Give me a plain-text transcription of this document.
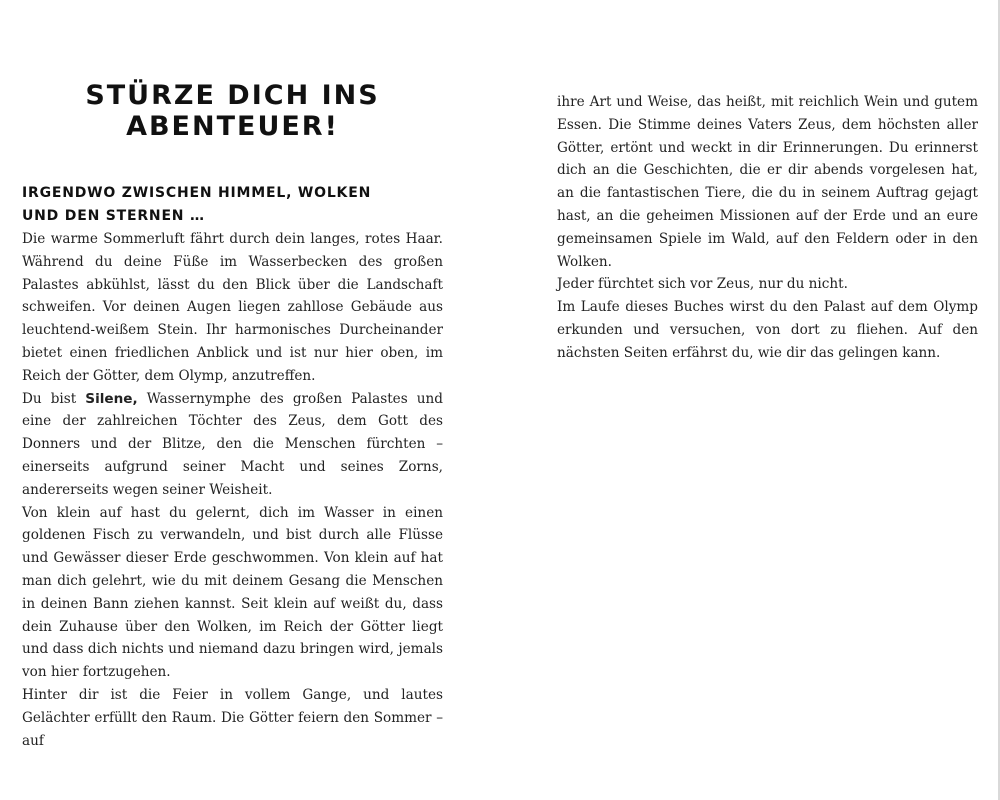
STÜRZE DICH INS
ABENTEUER!
IRGENDWO ZWISCHEN HIMMEL, WOLKEN
UND DEN STERNEN …

Die warme Sommerluft fährt durch dein langes, rotes Haar. Während du deine Füße im Wasserbecken des großen Palastes abkühlst, lässt du den Blick über die Landschaft schweifen. Vor deinen Augen liegen zahllose Gebäude aus leuchtend-weißem Stein. Ihr harmonisches Durcheinander bietet einen friedlichen Anblick und ist nur hier oben, im Reich der Götter, dem Olymp, anzutreffen.

Du bist Silene, Wassernymphe des großen Palastes und eine der zahlreichen Töchter des Zeus, dem Gott des Donners und der Blitze, den die Menschen fürchten – einerseits aufgrund seiner Macht und seines Zorns, andererseits wegen seiner Weisheit.

Von klein auf hast du gelernt, dich im Wasser in einen goldenen Fisch zu verwandeln, und bist durch alle Flüsse und Gewässer dieser Erde geschwommen. Von klein auf hat man dich gelehrt, wie du mit deinem Gesang die Menschen in deinen Bann ziehen kannst. Seit klein auf weißt du, dass dein Zuhause über den Wolken, im Reich der Götter liegt und dass dich nichts und niemand dazu bringen wird, jemals von hier fortzugehen.

Hinter dir ist die Feier in vollem Gange, und lautes Gelächter erfüllt den Raum. Die Götter feiern den Sommer – auf

ihre Art und Weise, das heißt, mit reichlich Wein und gutem Essen. Die Stimme deines Vaters Zeus, dem höchsten aller Götter, ertönt und weckt in dir Erinnerungen. Du erinnerst dich an die Geschichten, die er dir abends vorgelesen hat, an die fantastischen Tiere, die du in seinem Auftrag gejagt hast, an die geheimen Missionen auf der Erde und an eure gemeinsamen Spiele im Wald, auf den Feldern oder in den Wolken.

Jeder fürchtet sich vor Zeus, nur du nicht.

Im Laufe dieses Buches wirst du den Palast auf dem Olymp erkunden und versuchen, von dort zu fliehen. Auf den nächsten Seiten erfährst du, wie dir das gelingen kann.
